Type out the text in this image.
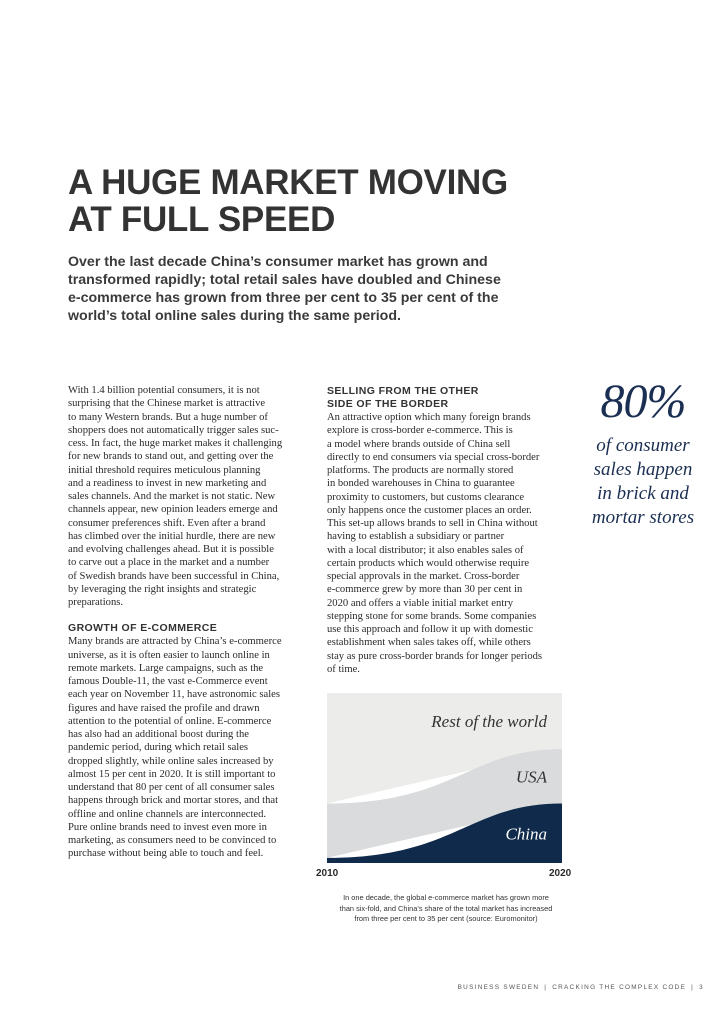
A HUGE MARKET MOVING
AT FULL SPEED
Over the last decade China’s consumer market has grown and
transformed rapidly; total retail sales have doubled and Chinese
e-commerce has grown from three per cent to 35 per cent of the
world’s total online sales during the same period.
With 1.4 billion potential consumers, it is not
surprising that the Chinese market is attractive
to many Western brands. But a huge number of
shoppers does not automatically trigger sales suc-
cess. In fact, the huge market makes it challenging
for new brands to stand out, and getting over the
initial threshold requires meticulous planning
and a readiness to invest in new marketing and
sales channels. And the market is not static. New
channels appear, new opinion leaders emerge and
consumer preferences shift. Even after a brand
has climbed over the initial hurdle, there are new
and evolving challenges ahead. But it is possible
to carve out a place in the market and a number
of Swedish brands have been successful in China,
by leveraging the right insights and strategic
preparations.
GROWTH OF E-COMMERCE
Many brands are attracted by China’s e-commerce
universe, as it is often easier to launch online in
remote markets. Large campaigns, such as the
famous Double-11, the vast e-Commerce event
each year on November 11, have astronomic sales
figures and have raised the profile and drawn
attention to the potential of online. E-commerce
has also had an additional boost during the
pandemic period, during which retail sales
dropped slightly, while online sales increased by
almost 15 per cent in 2020. It is still important to
understand that 80 per cent of all consumer sales
happens through brick and mortar stores, and that
offline and online channels are interconnected.
Pure online brands need to invest even more in
marketing, as consumers need to be convinced to
purchase without being able to touch and feel.
SELLING FROM THE OTHER
SIDE OF THE BORDER
An attractive option which many foreign brands
explore is cross-border e-commerce. This is
a model where brands outside of China sell
directly to end consumers via special cross-border
platforms. The products are normally stored
in bonded warehouses in China to guarantee
proximity to customers, but customs clearance
only happens once the customer places an order.
This set-up allows brands to sell in China without
having to establish a subsidiary or partner
with a local distributor; it also enables sales of
certain products which would otherwise require
special approvals in the market. Cross-border
e-commerce grew by more than 30 per cent in
2020 and offers a viable initial market entry
stepping stone for some brands. Some companies
use this approach and follow it up with domestic
establishment when sales takes off, while others
stay as pure cross-border brands for longer periods
of time.
80%
of consumer
sales happen
in brick and
mortar stores
China
USA
Rest of the world
2010	2020
In one decade, the global e-commerce market has grown more
than six-fold, and China’s share of the total market has increased
from three per cent to 35 per cent (source: Euromonitor)
BUSINESS SWEDEN | CRACKING THE COMPLEX CODE | 3
